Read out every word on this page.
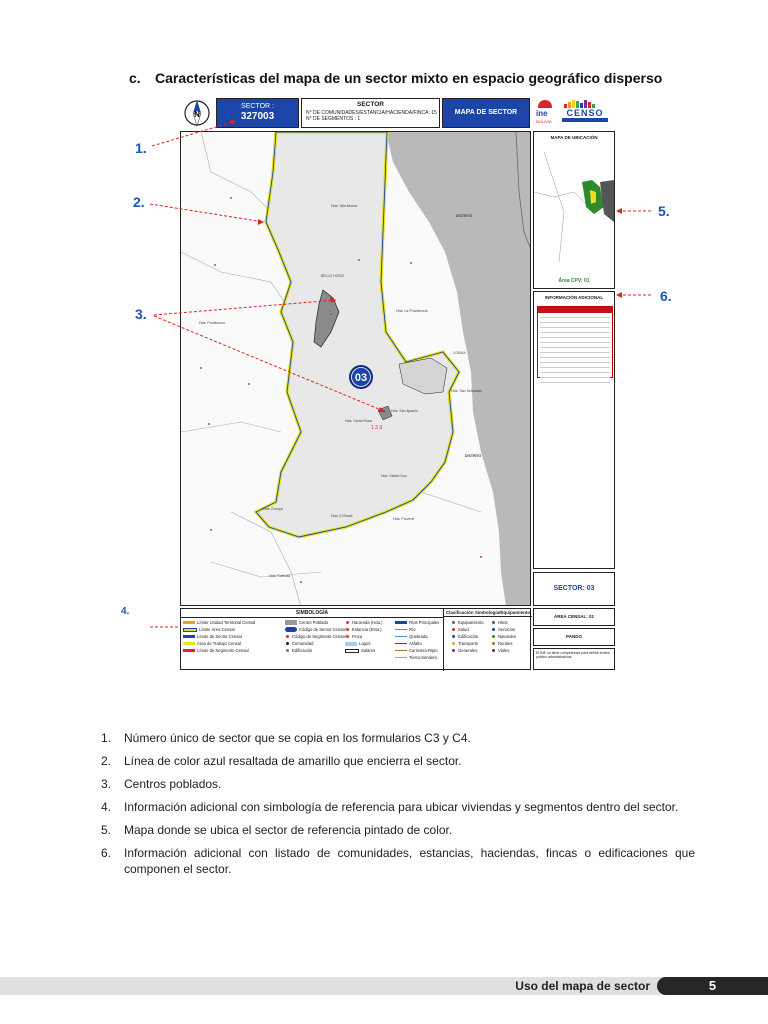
c. Características del mapa de un sector mixto en espacio geográfico disperso
N
SECTOR :
327003
SECTOR
N° DE COMUNIDADES/ESTANCIA/HACIENDA/FINCA: 15
N° DE SEGMENTOS : 1
MAPA DE SECTOR	ine
BOLIVIA
CENSO
Hda. Villa Nueva
BELLO HORIZ
Hda. La Providencia
Hda. Pontecorvo
Hda. San Sebastián
Hda. San Ignacio
Hda. Santa Rosa
Hda. Santa Cruz
Hda. Europa
Hda. El Rosal
Hda. Porvenir
Hda. Soledad
DISTRITO
DISTRITO
COBIJA
03
1 3 3
MAPA DE UBICACIÓN
Área CPV: 01
INFORMACIÓN ADICIONAL
SECTOR: 03
SIMBOLOGÍA	Clasificación Simbología/Equipamiento
Límite Unidad Territorial Censal
Límite Área Censal
Límite de Sector Censal
Área de Trabajo Censal
Límite de Segmento Censal
Centro Poblado
Código de Sector Censal
Código de Segmento Censal
Comunidad
Edificación
Hacienda (Hda.)
Estancia (Esta.)
Finca
Lagos
Salares
Ríos Principales
Río
Quebrada
Asfalto
Carretera-Ripio
Tierra-Sendero
Equipamiento
Salud
Edificación
Transporte
Generales
Hitos
Servicios
Naturales
Rurales
Viales
ÁREA CENSAL: 01
PANDO
El INE no tiene competencia para definir límites político administrativos.
1.
2.
3.
4.
5.
6.
1. Número único de sector que se copia en los formularios C3 y C4.
2. Línea de color azul resaltada de amarillo que encierra el sector.
3. Centros poblados.
4. Información adicional con simbología de referencia para ubicar viviendas y segmentos dentro del sector.
5. Mapa donde se ubica el sector de referencia pintado de color.
6. Información adicional con listado de comunidades, estancias, haciendas, fincas o edificaciones que componen el sector.
Uso del mapa de sector	5
